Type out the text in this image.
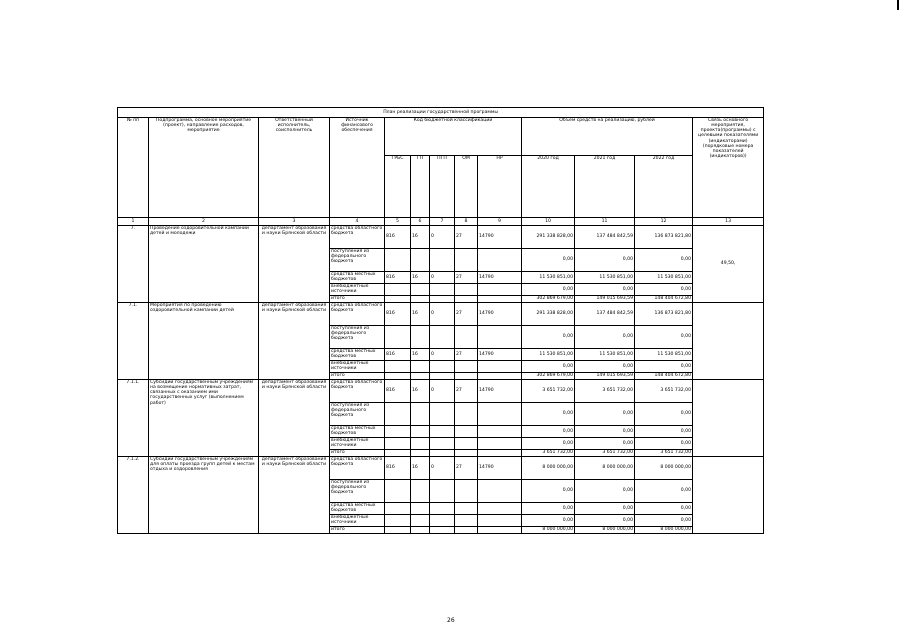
План реализации государственной программы												
№ пп	Подпрограмма, основное мероприятие (проект), направление расходов, мероприятие	Ответственный исполнитель, соисполнитель	Источник финансового обеспечения	Код бюджетной классификации					Объём средств на реализацию, рублей			Связь основного мероприятия, проекта(программы) с целевыми показателями (индикаторами) (порядковые номера показателей (индикаторов))
				ГРБС	ГП	ПГП	ОМ	НР	2020 год	2021 год	2022 год	
1	2	3	4	5	6	7	8	9	10	11	12	13
7.	Проведение оздоровительной кампании детей и молодежи	департамент образования и науки Брянской области	средства областного бюджета	816	16	0	27	14790	291 338 828,00	137 484 842,59	136 873 821,80	49,50,
			поступления из федерального бюджета						0,00	0,00	0,00	
			средства местных бюджетов	816	16	0	27	14790	11 530 851,00	11 530 851,00	11 530 851,00	
			внебюджетные источники						0,00	0,00	0,00	
			итого						302 869 679,00	149 015 693,59	148 404 672,80	
7.1.	Мероприятия по проведению оздоровительной кампании детей	департамент образования и науки Брянской области	средства областного бюджета	816	16	0	27	14790	291 338 828,00	137 484 842,59	136 873 821,80	
			поступления из федерального бюджета						0,00	0,00	0,00	
			средства местных бюджетов	816	16	0	27	14790	11 530 851,00	11 530 851,00	11 530 851,00	
			внебюджетные источники						0,00	0,00	0,00	
			итого						302 869 679,00	149 015 693,59	148 404 672,80	
7.1.1.	Субсидии государственным учреждениям на возмещение нормативных затрат, связанных с оказанием ими государственных услуг (выполнением работ)	департамент образования и науки Брянской области	средства областного бюджета	816	16	0	27	14790	3 651 732,00	3 651 732,00	3 651 732,00	
			поступления из федерального бюджета						0,00	0,00	0,00	
			средства местных бюджетов						0,00	0,00	0,00	
			внебюджетные источники						0,00	0,00	0,00	
			итого						3 651 732,00	3 651 732,00	3 651 732,00	
7.1.2.	Субсидии государственным учреждениям для оплаты проезда групп детей к местам отдыха и оздоровления	департамент образования и науки Брянской области	средства областного бюджета	816	16	0	27	14790	8 000 000,00	8 000 000,00	8 000 000,00	
			поступления из федерального бюджета						0,00	0,00	0,00	
			средства местных бюджетов						0,00	0,00	0,00	
			внебюджетные источники						0,00	0,00	0,00	
			итого						8 000 000,00	8 000 000,00	8 000 000,00	
26
